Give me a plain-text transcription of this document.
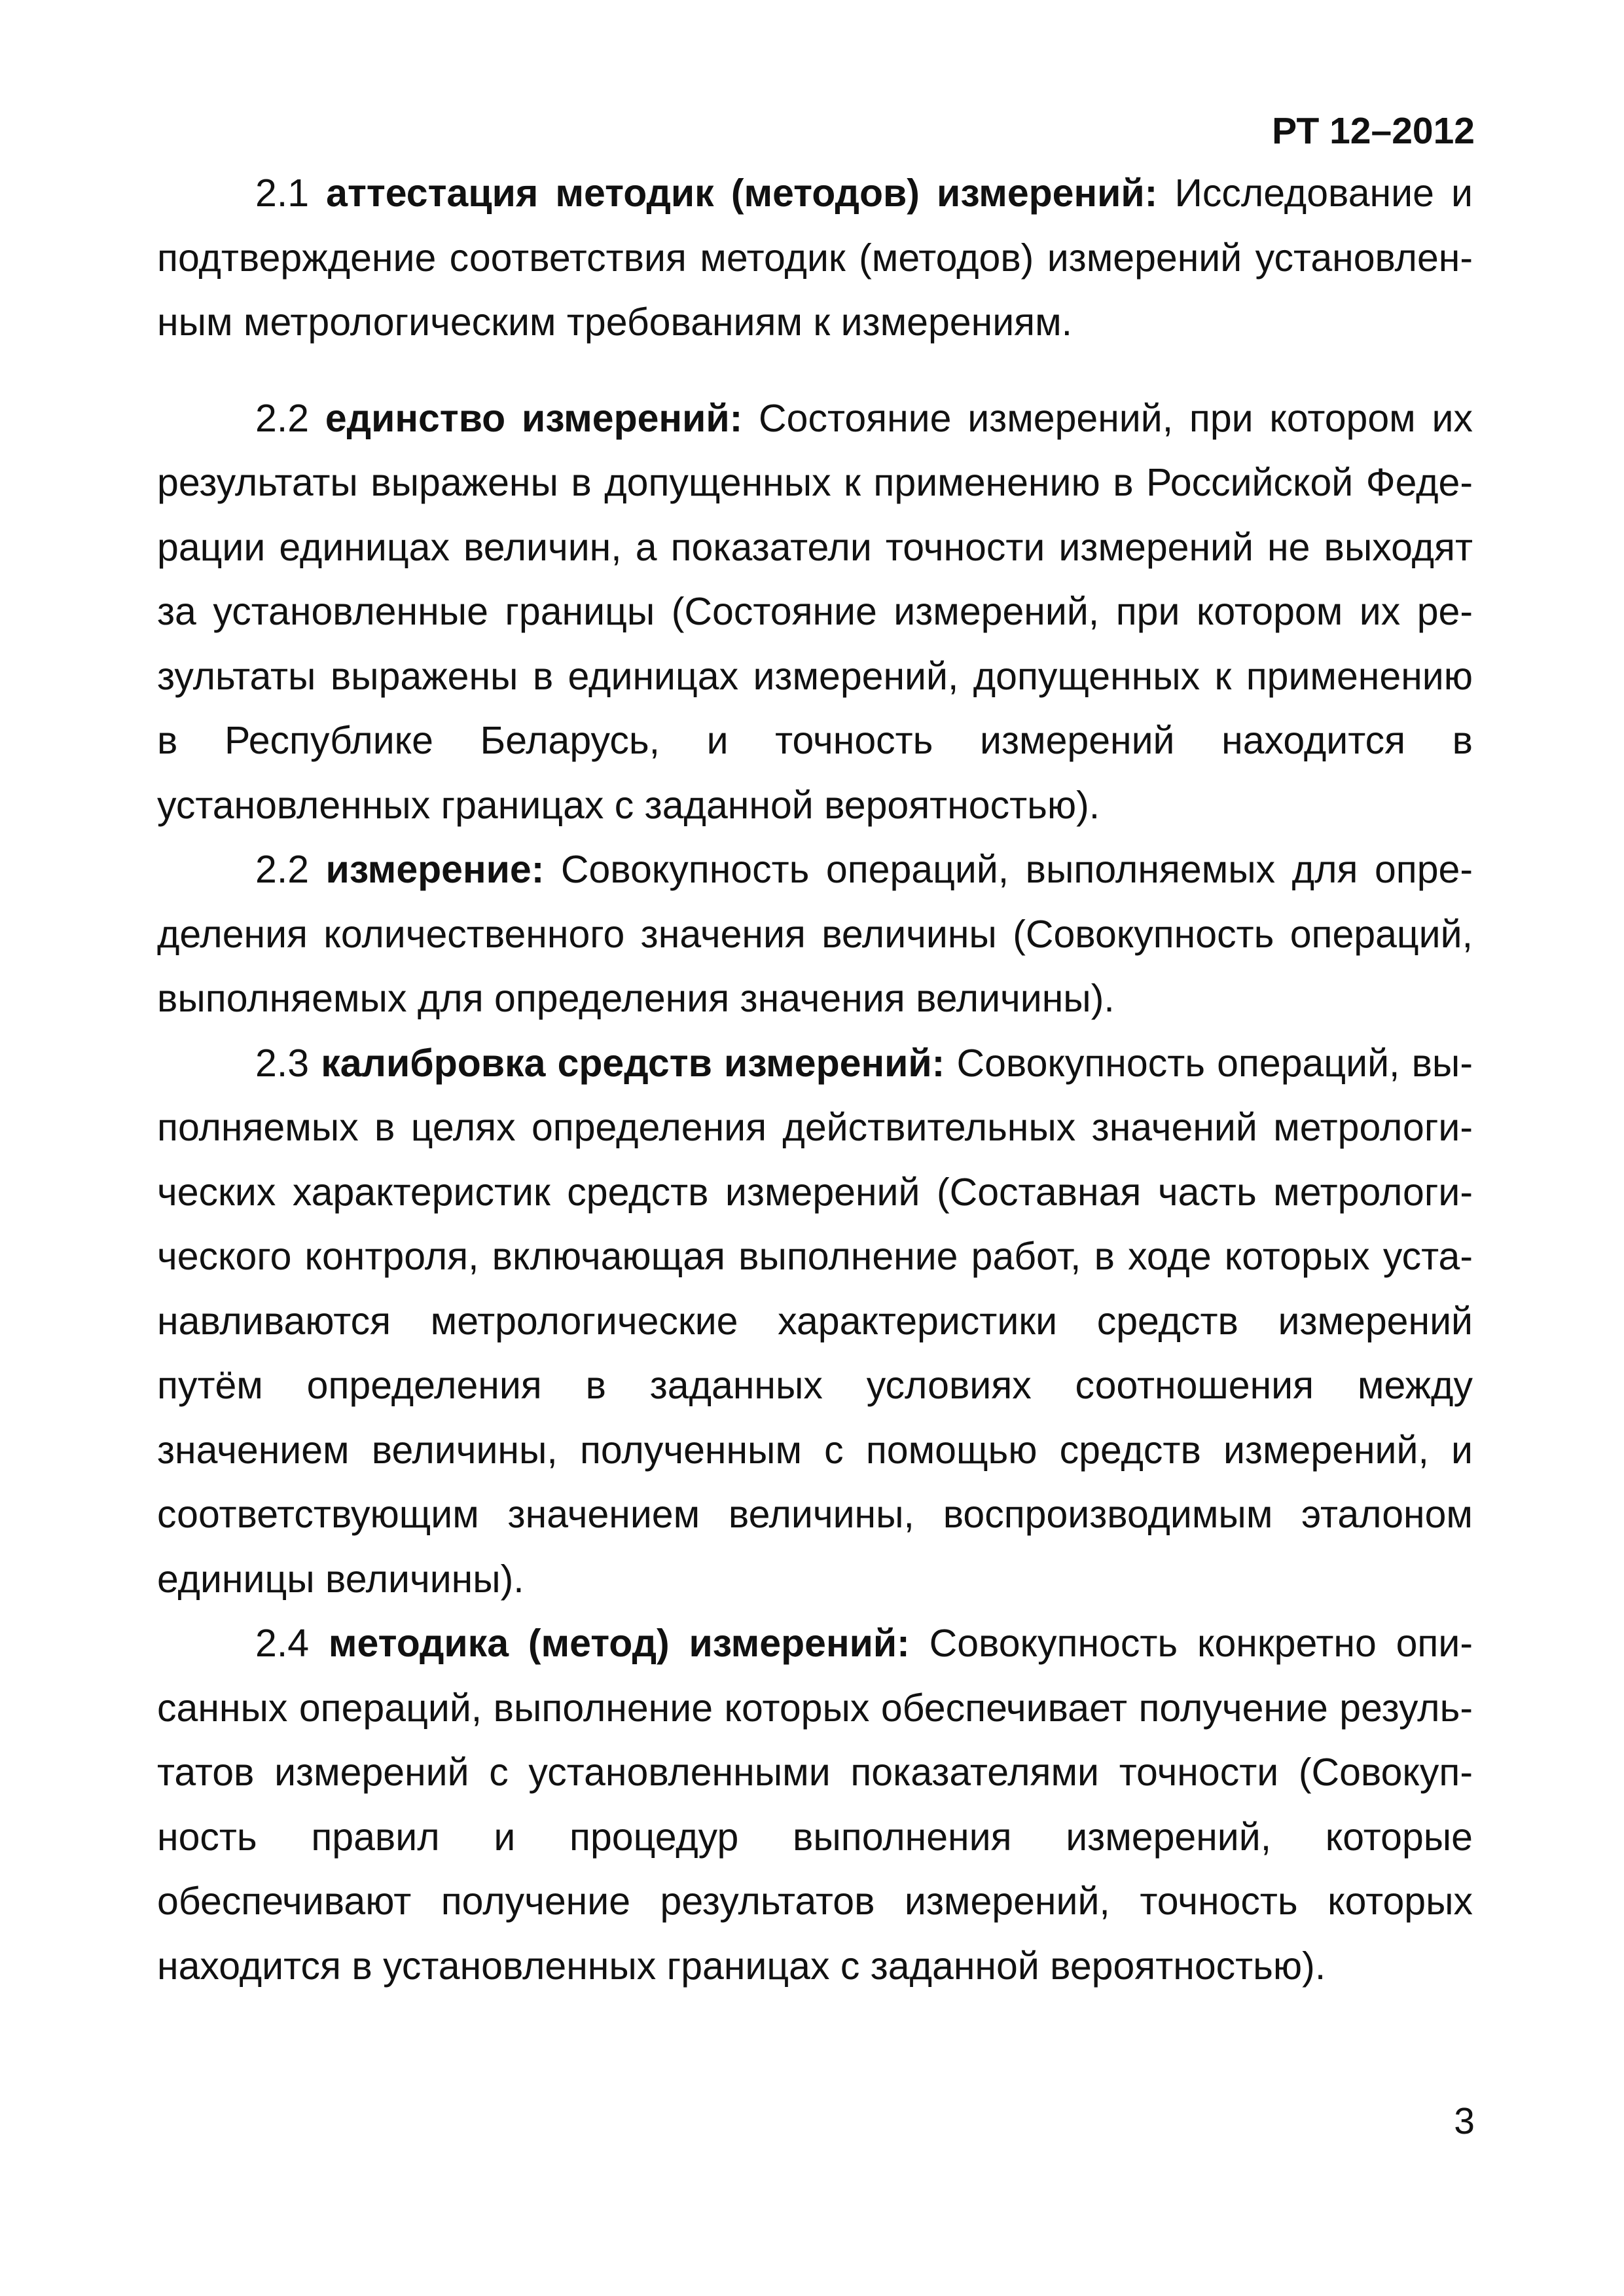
РТ 12–2012

2.1 аттестация методик (методов) измерений: Исследование и подтверждение соответствия методик (методов) измерений установленным метрологическим требованиям к измерениям.

2.2 единство измерений: Состояние измерений, при котором их результаты выражены в допущенных к применению в Российской Федерации единицах величин, а показатели точности измерений не выходят за установленные границы (Состояние измерений, при котором их результаты выражены в единицах измерений, допущенных к применению в Республике Беларусь, и точность измерений находится в установленных границах с заданной вероятностью).

2.2 измерение: Совокупность операций, выполняемых для определения количественного значения величины (Совокупность операций, выполняемых для определения значения величины).

2.3 калибровка средств измерений: Совокупность операций, выполняемых в целях определения действительных значений метрологических характеристик средств измерений (Составная часть метрологического контроля, включающая выполнение работ, в ходе которых устанавливаются метрологические характеристики средств измерений путём определения в заданных условиях соотношения между значением величины, полученным с помощью средств измерений, и соответствующим значением величины, воспроизводимым эталоном единицы величины).

2.4 методика (метод) измерений: Совокупность конкретно описанных операций, выполнение которых обеспечивает получение результатов измерений с установленными показателями точности (Совокупность правил и процедур выполнения измерений, которые обеспечивают получение результатов измерений, точность которых находится в установленных границах с заданной вероятностью).

3
